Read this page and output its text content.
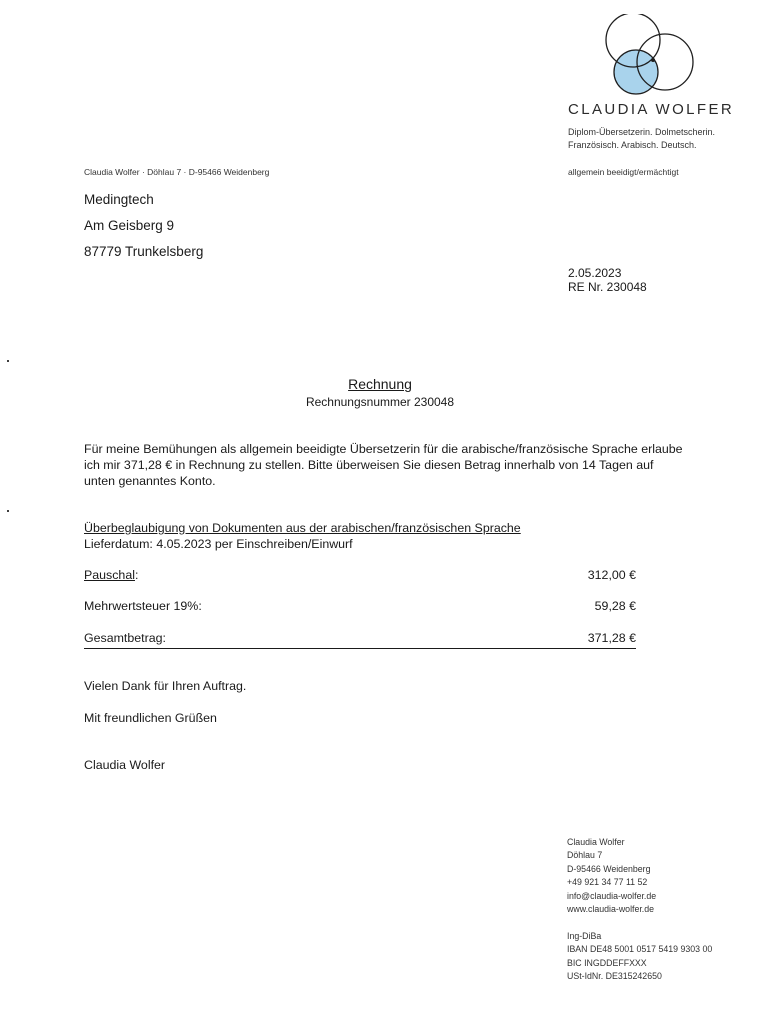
CLAUDIA WOLFER
Diplom-Übersetzerin. Dolmetscherin.
Französisch. Arabisch. Deutsch.
Claudia Wolfer · Döhlau 7 · D-95466 Weidenberg	allgemein beeidigt/ermächtigt
Medingtech
Am Geisberg 9
87779 Trunkelsberg
2.05.2023
RE Nr. 230048
Rechnung
Rechnungsnummer 230048
Für meine Bemühungen als allgemein beeidigte Übersetzerin für die arabische/französische Sprache erlaube ich mir 371,28 € in Rechnung zu stellen. Bitte überweisen Sie diesen Betrag innerhalb von 14 Tagen auf unten genanntes Konto.
Überbeglaubigung von Dokumenten aus der arabischen/französischen Sprache
Lieferdatum: 4.05.2023 per Einschreiben/Einwurf
Pauschal:	312,00 €
Mehrwertsteuer 19%:	59,28 €
Gesamtbetrag:	371,28 €
Vielen Dank für Ihren Auftrag.
Mit freundlichen Grüßen
Claudia Wolfer
Claudia Wolfer
Döhlau 7
D-95466 Weidenberg
+49 921 34 77 11 52
info@claudia-wolfer.de
www.claudia-wolfer.de
Ing-DiBa
IBAN DE48 5001 0517 5419 9303 00
BIC INGDDEFFXXX
USt-IdNr. DE315242650
